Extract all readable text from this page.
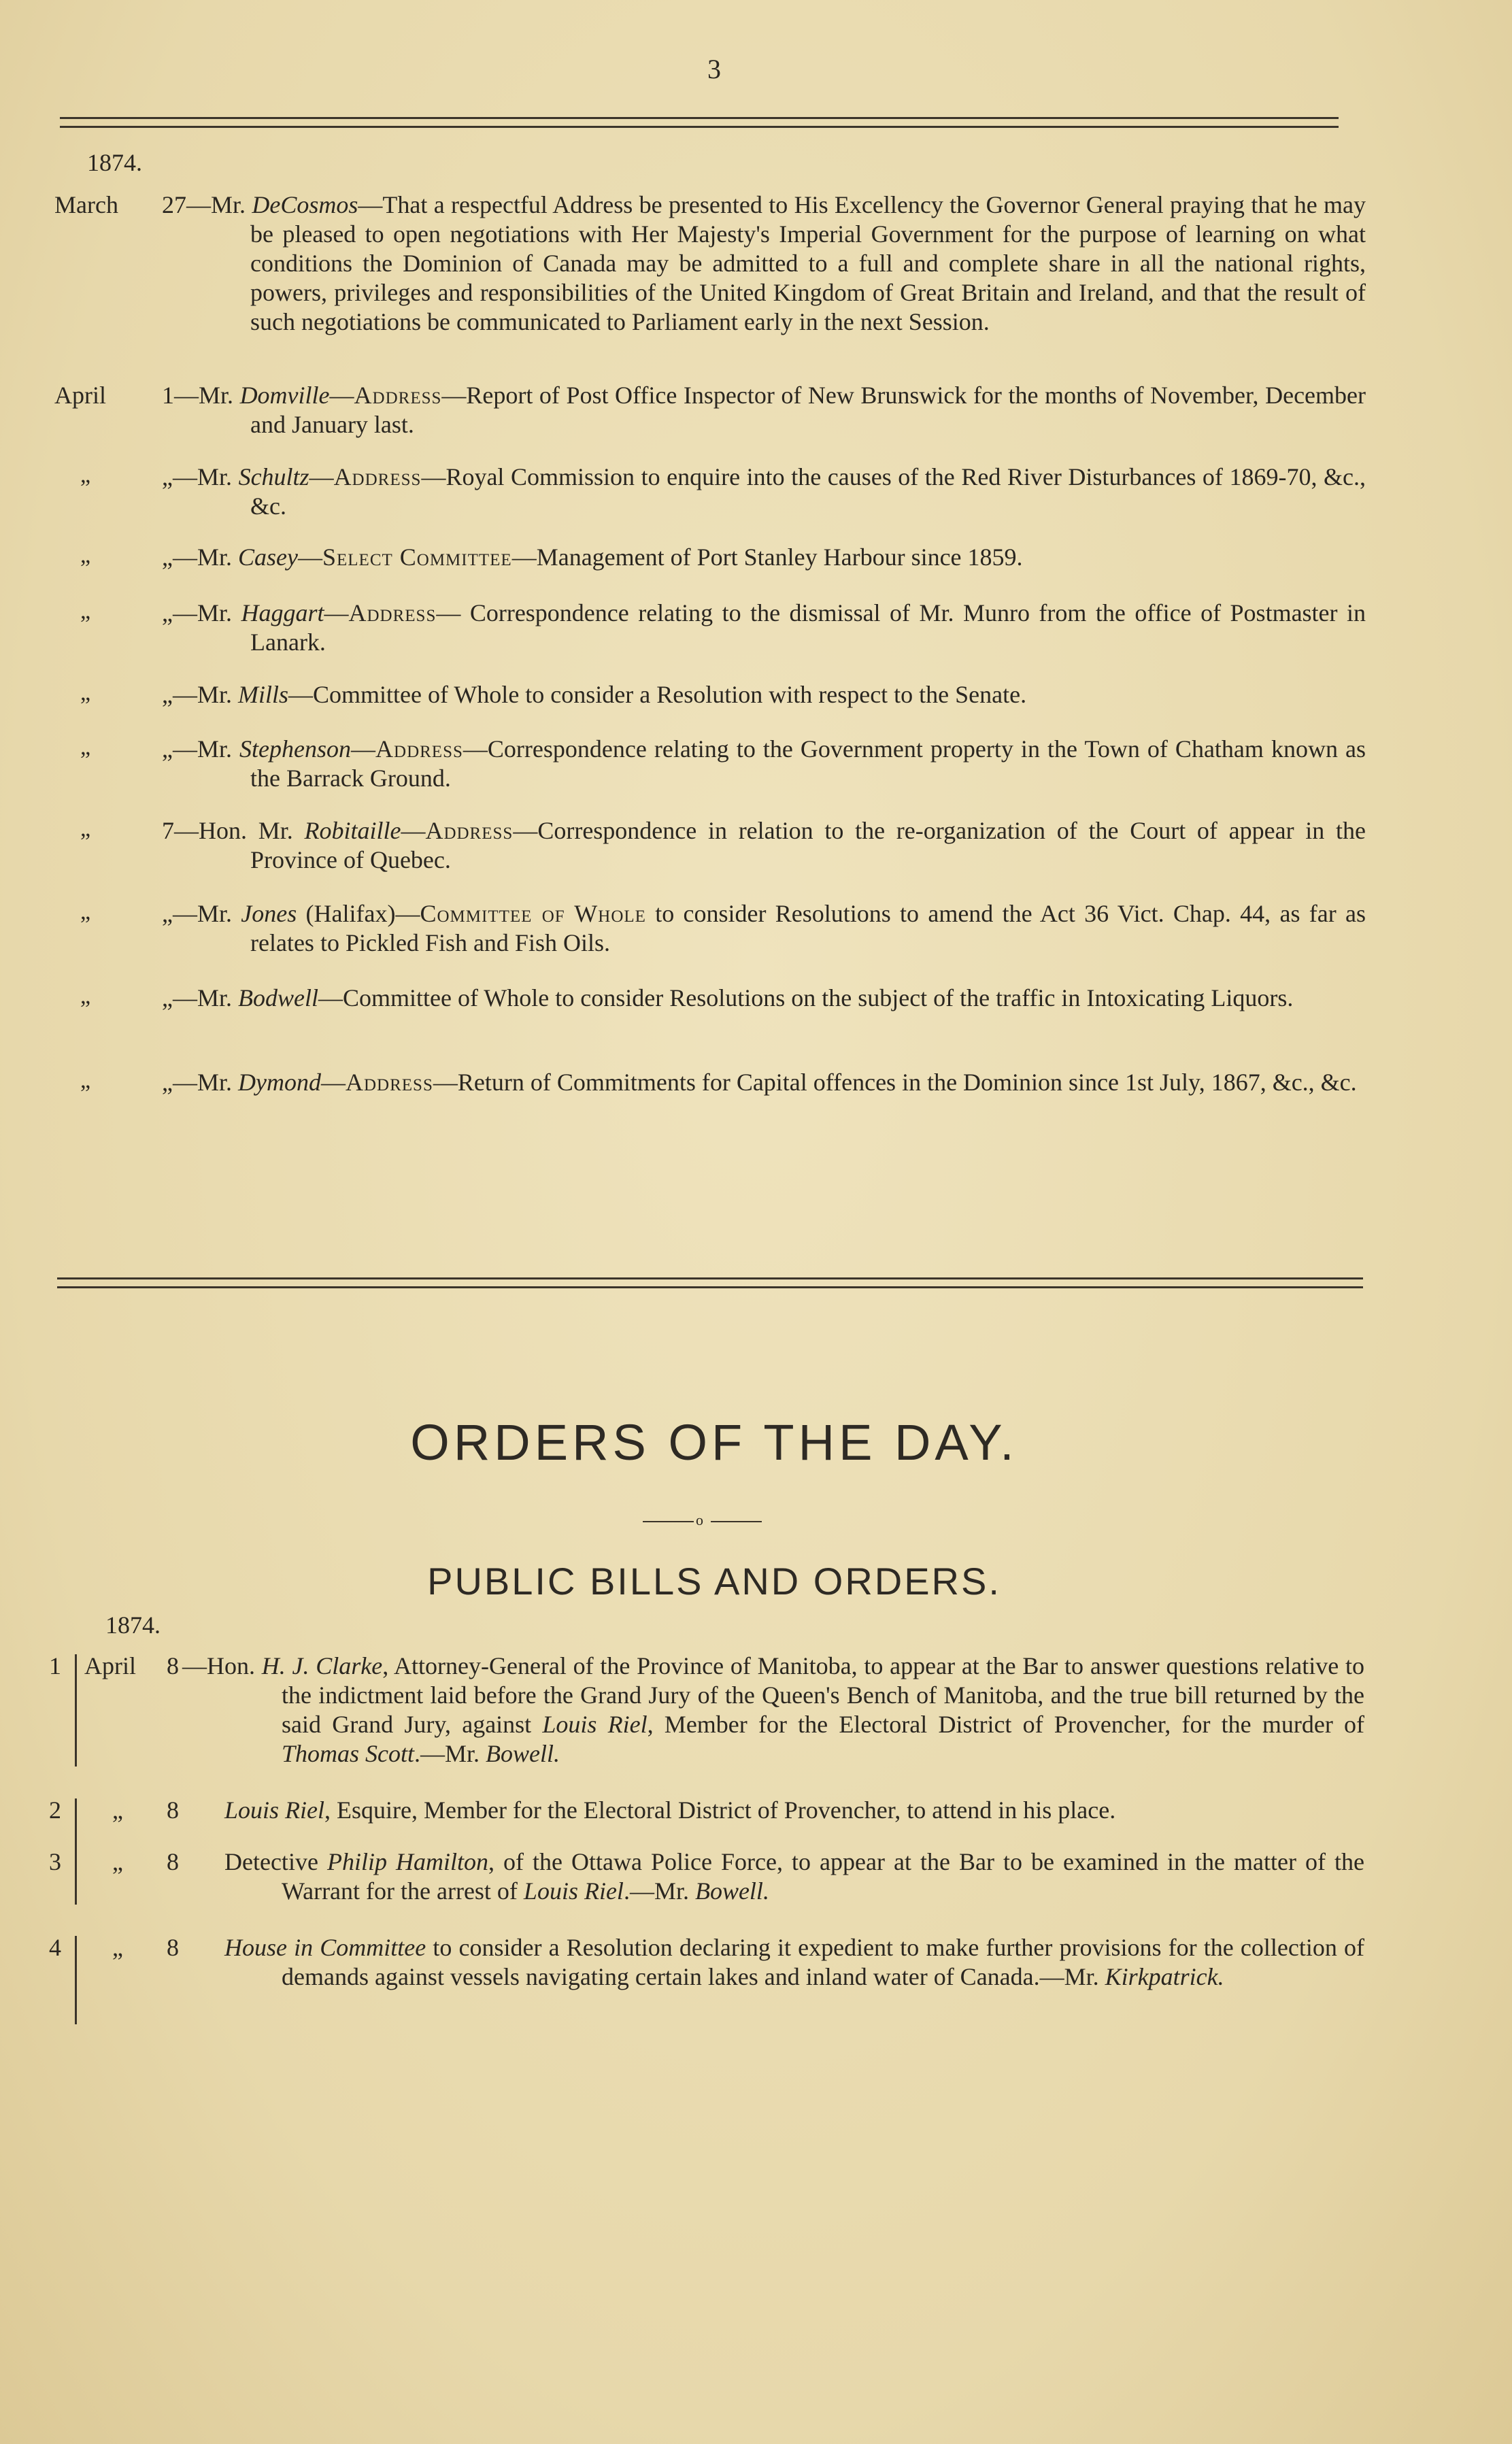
3
1874.
March 27—Mr. DeCosmos—That a respectful Address be presented to His Excellency the Governor General praying that he may be pleased to open negotiations with Her Majesty's Imperial Government for the purpose of learning on what conditions the Dominion of Canada may be admitted to a full and complete share in all the national rights, powers, privileges and responsibilities of the United Kingdom of Great Britain and Ireland, and that the result of such negotiations be communicated to Parliament early in the next Session.
April 1—Mr. Domville—Address—Report of Post Office Inspector of New Brunswick for the months of November, December and January last.
„	„—Mr. Schultz—Address—Royal Commission to enquire into the causes of the Red River Disturbances of 1869-70, &c., &c.
„	„—Mr. Casey—Select Committee—Management of Port Stanley Harbour since 1859.
„	„—Mr. Haggart—Address— Correspondence relating to the dismissal of Mr. Munro from the office of Postmaster in Lanark.
„	„—Mr. Mills—Committee of Whole to consider a Resolution with respect to the Senate.
„	„—Mr. Stephenson—Address—Correspondence relating to the Government property in the Town of Chatham known as the Barrack Ground.
„	7—Hon. Mr. Robitaille—Address—Correspondence in relation to the re-organization of the Court of appear in the Province of Quebec.
„	„—Mr. Jones (Halifax)—Committee of Whole to consider Resolutions to amend the Act 36 Vict. Chap. 44, as far as relates to Pickled Fish and Fish Oils.
„	„—Mr. Bodwell—Committee of Whole to consider Resolutions on the subject of the traffic in Intoxicating Liquors.
„	„—Mr. Dymond—Address—Return of Commitments for Capital offences in the Dominion since 1st July, 1867, &c., &c.
ORDERS OF THE DAY.
o
PUBLIC BILLS AND ORDERS.
1874.
1 April 8 —Hon. H. J. Clarke, Attorney-General of the Province of Manitoba, to appear at the Bar to answer questions relative to the indictment laid before the Grand Jury of the Queen's Bench of Manitoba, and the true bill returned by the said Grand Jury, against Louis Riel, Member for the Electoral District of Provencher, for the murder of Thomas Scott.—Mr. Bowell.
2 „ 8 Louis Riel, Esquire, Member for the Electoral District of Provencher, to attend in his place.
3 „ 8 Detective Philip Hamilton, of the Ottawa Police Force, to appear at the Bar to be examined in the matter of the Warrant for the arrest of Louis Riel.—Mr. Bowell.
4 „ 8 House in Committee to consider a Resolution declaring it expedient to make further provisions for the collection of demands against vessels navigating certain lakes and inland water of Canada.—Mr. Kirkpatrick.
